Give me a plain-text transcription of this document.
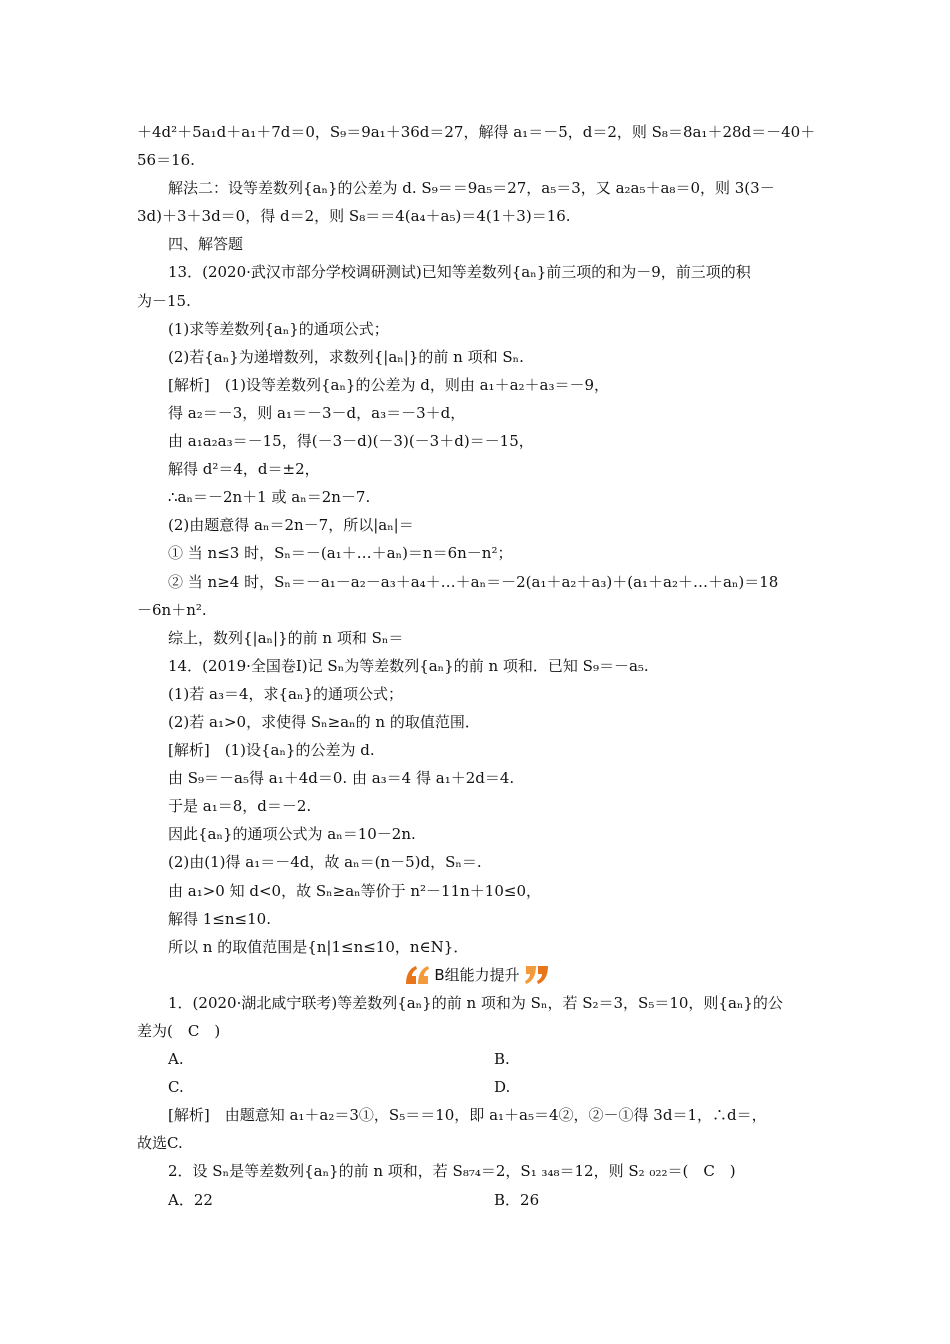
＋4d²＋5a₁d＋a₁＋7d＝0，S₉＝9a₁＋36d＝27，解得 a₁＝－5，d＝2，则 S₈＝8a₁＋28d＝－40＋
56＝16.
解法二：设等差数列{aₙ}的公差为 d. S₉＝＝9a₅＝27，a₅＝3，又 a₂a₅＋a₈＝0，则 3(3－
3d)＋3＋3d＝0，得 d＝2，则 S₈＝＝4(a₄＋a₅)＝4(1＋3)＝16.
四、解答题
13．(2020·武汉市部分学校调研测试)已知等差数列{aₙ}前三项的和为－9，前三项的积
为－15.
(1)求等差数列{aₙ}的通项公式；
(2)若{aₙ}为递增数列，求数列{|aₙ|}的前 n 项和 Sₙ.
[解析]　(1)设等差数列{aₙ}的公差为 d，则由 a₁＋a₂＋a₃＝－9，
得 a₂＝－3，则 a₁＝－3－d，a₃＝－3＋d，
由 a₁a₂a₃＝－15，得(－3－d)(－3)(－3＋d)＝－15，
解得 d²＝4，d＝±2，
∴aₙ＝－2n＋1 或 aₙ＝2n－7.
(2)由题意得 aₙ＝2n－7，所以|aₙ|＝
① 当 n≤3 时，Sₙ＝－(a₁＋…＋aₙ)＝n＝6n－n²；
② 当 n≥4 时，Sₙ＝－a₁－a₂－a₃＋a₄＋…＋aₙ＝－2(a₁＋a₂＋a₃)＋(a₁＋a₂＋…＋aₙ)＝18
－6n＋n².
综上，数列{|aₙ|}的前 n 项和 Sₙ＝
14．(2019·全国卷Ⅰ)记 Sₙ为等差数列{aₙ}的前 n 项和．已知 S₉＝－a₅.
(1)若 a₃＝4，求{aₙ}的通项公式；
(2)若 a₁>0，求使得 Sₙ≥aₙ的 n 的取值范围．
[解析]　(1)设{aₙ}的公差为 d.
由 S₉＝－a₅得 a₁＋4d＝0. 由 a₃＝4 得 a₁＋2d＝4.
于是 a₁＝8，d＝－2.
因此{aₙ}的通项公式为 aₙ＝10－2n.
(2)由(1)得 a₁＝－4d，故 aₙ＝(n－5)d，Sₙ＝.
由 a₁>0 知 d<0，故 Sₙ≥aₙ等价于 n²－11n＋10≤0，
解得 1≤n≤10.
所以 n 的取值范围是{n|1≤n≤10，n∈N}．
B组能力提升
1．(2020·湖北咸宁联考)等差数列{aₙ}的前 n 项和为 Sₙ，若 S₂＝3，S₅＝10，则{aₙ}的公
差为(　C　)
A.	B.
C.	D.
[解析]　由题意知 a₁＋a₂＝3①，S₅＝＝10，即 a₁＋a₅＝4②，②－①得 3d＝1，∴d＝，
故选C.
2．设 Sₙ是等差数列{aₙ}的前 n 项和，若 S₈₇₄＝2，S₁ ₃₄₈＝12，则 S₂ ₀₂₂＝(　C　)
A．22	B．26
